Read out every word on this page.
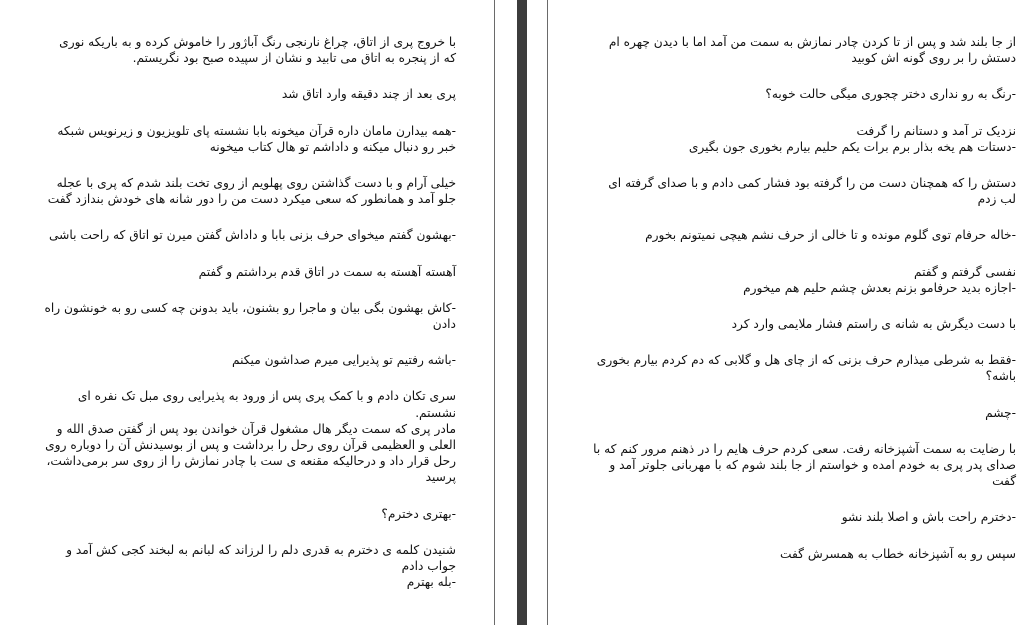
با خروج پری از اتاق، چراغ نارنجی رنگ آباژور را خاموش کرده و به باریکه نوری که از پنجره به اتاق می تابید و نشان از سپیده صبح بود نگریستم.

پری بعد از چند دقیقه وارد اتاق شد

-همه بیدارن مامان داره قرآن میخونه بابا نشسته پای تلویزیون و زیرنویس شبکه خبر رو دنبال میکنه و داداشم تو هال کتاب میخونه

خیلی آرام و با دست گذاشتن روی پهلویم از روی تخت بلند شدم که پری با عجله جلو آمد و همانطور که سعی میکرد دست من را دور شانه های خودش بندازد گفت

-بهشون گفتم میخوای حرف بزنی بابا و داداش گفتن میرن تو اتاق که راحت باشی

آهسته آهسته به سمت در اتاق قدم برداشتم و گفتم

-کاش بهشون بگی بیان و ماجرا رو بشنون، باید بدونن چه کسی رو به خونشون راه دادن

-باشه رفتیم تو پذیرایی میرم صداشون میکنم

سری تکان دادم و با کمک پری پس از ورود به پذیرایی روی مبل تک نفره ای نشستم.
مادر پری که سمت دیگر هال مشغول قرآن خواندن بود پس از گفتن صدق الله و العلی و العظیمی قرآن روی رحل را برداشت و پس از بوسیدنش آن را دوباره روی رحل قرار داد و درحالیکه مقنعه ی ست با چادر نمازش را از روی سر برمی‌داشت، پرسید

-بهتری دخترم؟

شنیدن کلمه ی دخترم به قدری دلم را لرزاند که لبانم به لبخند کجی کش آمد و جواب دادم
-بله بهترم

از جا بلند شد و پس از تا کردن چادر نمازش به سمت من آمد اما با دیدن چهره ام دستش را بر روی گونه اش کوبید

-رنگ به رو نداری دختر چجوری میگی حالت خوبه؟

نزدیک تر آمد و دستانم را گرفت
-دستات هم یخه بذار برم برات یکم حلیم بیارم بخوری جون بگیری

دستش را که همچنان دست من را گرفته بود فشار کمی دادم و با صدای گرفته ای لب زدم

-خاله حرفام توی گلوم مونده و تا خالی از حرف نشم هیچی نمیتونم بخورم

نفسی گرفتم و گفتم
-اجازه بدید حرفامو بزنم بعدش چشم حلیم هم میخورم

با دست دیگرش به شانه ی راستم فشار ملایمی وارد کرد

-فقط به شرطی میذارم حرف بزنی که از چای هل و گلابی که دم کردم بیارم بخوری باشه؟

-چشم

با رضایت به سمت آشپزخانه رفت. سعی کردم حرف هایم را در ذهنم مرور کنم که با صدای پدر پری به خودم امده و خواستم از جا بلند شوم که با مهربانی جلوتر آمد و گفت

-دخترم راحت باش و اصلا بلند نشو

سپس رو به آشپزخانه خطاب به همسرش گفت
